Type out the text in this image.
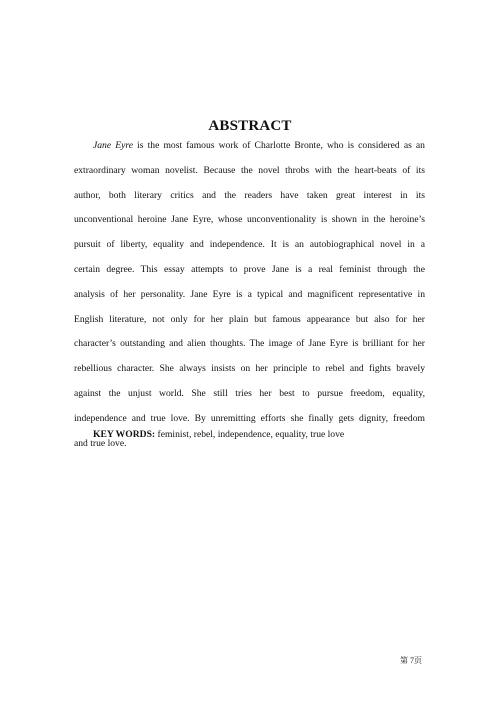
ABSTRACT
Jane Eyre is the most famous work of Charlotte Bronte, who is considered as an
extraordinary woman novelist. Because the novel throbs with the heart-beats of its
author, both literary critics and the readers have taken great interest in its
unconventional heroine Jane Eyre, whose unconventionality is shown in the heroine’s
pursuit of liberty, equality and independence. It is an autobiographical novel in a
certain degree. This essay attempts to prove Jane is a real feminist through the
analysis of her personality. Jane Eyre is a typical and magnificent representative in
English literature, not only for her plain but famous appearance but also for her
character’s outstanding and alien thoughts. The image of Jane Eyre is brilliant for her
rebellious character. She always insists on her principle to rebel and fights bravely
against the unjust world. She still tries her best to pursue freedom, equality,
independence and true love. By unremitting efforts she finally gets dignity, freedom
and true love.
KEY WORDS: feminist, rebel, independence, equality, true love
第 7页
